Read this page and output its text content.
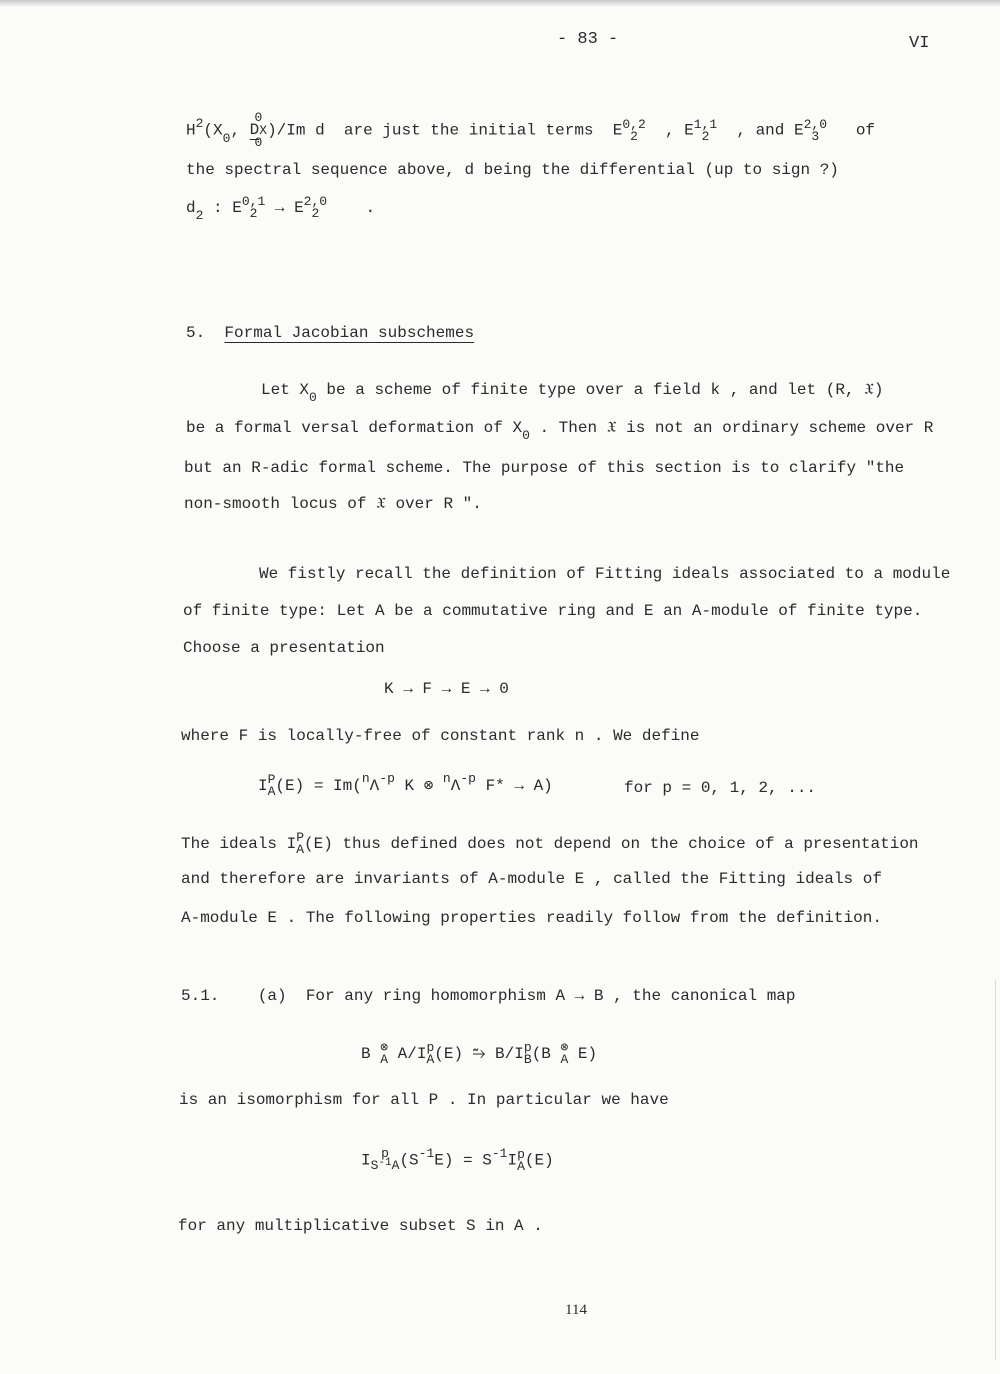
- 83 -	VI
$H^2(X_0$, 0
DX
0)/Im d are just the initial terms E0,2
2 , E1,1
2 , and E2,0
3 of
the spectral sequence above, d being the differential (up to sign ?)
$d_2$ : E0,1
2 → E2,0
2	.
5. Formal Jacobian subschemes
Let $X_0$ be a scheme of finite type over a field k , and let (R, 𝔛)
be a formal versal deformation of $X_0$ . Then 𝔛 is not an ordinary scheme over R
but an R-adic formal scheme. The purpose of this section is to clarify "the
non-smooth locus of 𝔛 over R ".
We fistly recall the definition of Fitting ideals associated to a module
of finite type: Let A be a commutative ring and E an A-module of finite type.
Choose a presentation
K → F → E → 0
where F is locally-free of constant rank n . We define
IP
$A(E) = Im(^n\Lambda^{-p}$ K ⊗ $^n\Lambda^{-p}$ F* → A)	for p = 0, 1, 2, ...
The ideals IP
A(E) thus defined does not depend on the choice of a presentation
and therefore are invariants of A-module E , called the Fitting ideals of
A-module E . The following properties readily follow from the definition.
5.1. (a) For any ring homomorphism A → B , the canonical map
B ⊗
A A/Ip
A(E) ⥲ B/Ip
B(B ⊗
A E)
is an isomorphism for all P . In particular we have
I p
$S^{-1}A(S^{-1}E) = S^{-1}Ip$
A(E)
for any multiplicative subset S in A .
114
